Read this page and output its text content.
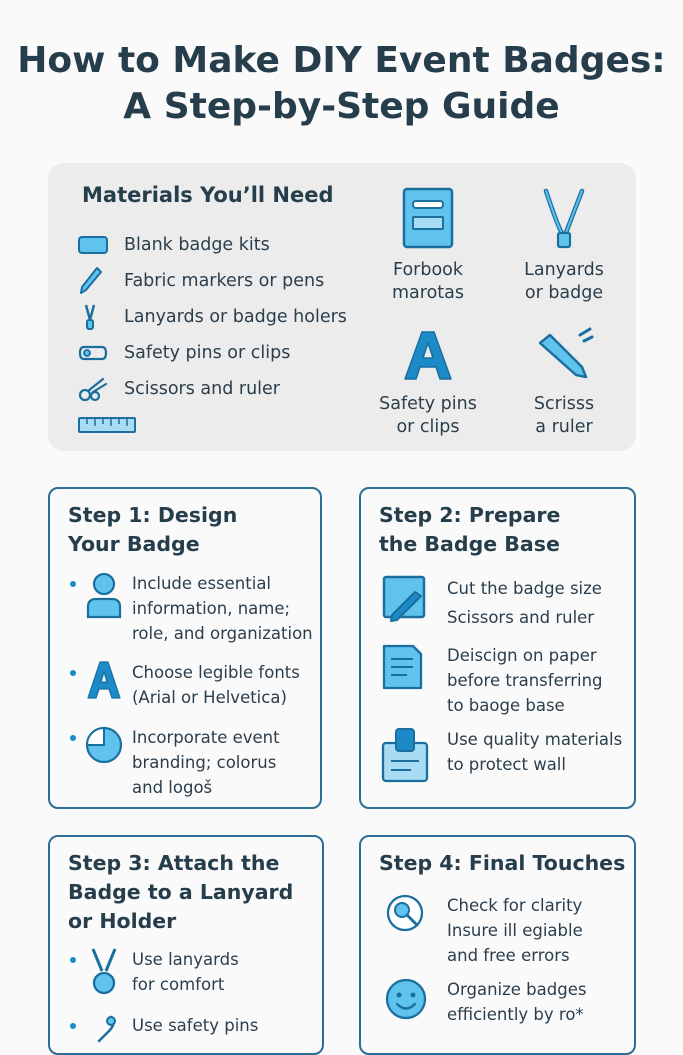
How to Make DIY Event Badges:
A Step-by-Step Guide
Materials You’ll Need
Blank badge kits
Fabric markers or pens
Lanyards or badge holers
Safety pins or clips
Scissors and ruler
Forbook
marotas
Lanyards
or badge
Safety pins
or clips
Scrisss
a ruler
Step 1: Design
Your Badge
Include essential
information, name;
role, and organization
Choose legible fonts
(Arial or Helvetica)
Incorporate event
branding; colorus
and logoš
Step 2: Prepare
the Badge Base
Cut the badge size
Scissors and ruler
Deiscign on paper
before transferring
to baoge base
Use quality materials
to protect wall
Step 3: Attach the
Badge to a Lanyard
or Holder
Use lanyards
for comfort
Use safety pins
Step 4: Final Touches
Check for clarity
Insure ill egiable
and free errors
Organize badges
efficiently by ro*
